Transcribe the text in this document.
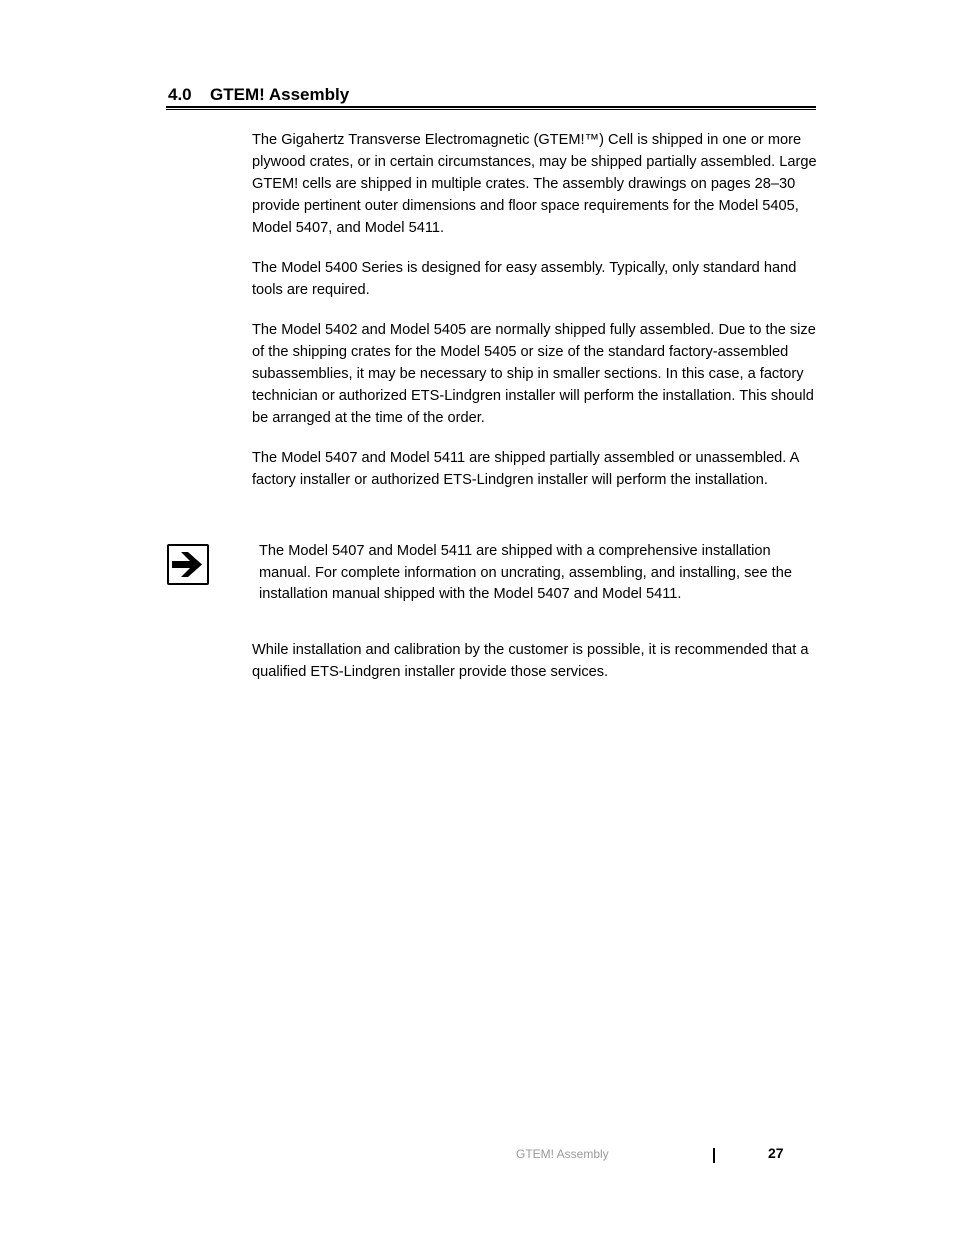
4.0 GTEM! Assembly

The Gigahertz Transverse Electromagnetic (GTEM!™) Cell is shipped in one or more plywood crates, or in certain circumstances, may be shipped partially assembled. Large GTEM! cells are shipped in multiple crates. The assembly drawings on pages 28–30 provide pertinent outer dimensions and floor space requirements for the Model 5405, Model 5407, and Model 5411.

The Model 5400 Series is designed for easy assembly. Typically, only standard hand tools are required.

The Model 5402 and Model 5405 are normally shipped fully assembled. Due to the size of the shipping crates for the Model 5405 or size of the standard factory-assembled subassemblies, it may be necessary to ship in smaller sections. In this case, a factory technician or authorized ETS-Lindgren installer will perform the installation. This should be arranged at the time of the order.

The Model 5407 and Model 5411 are shipped partially assembled or unassembled. A factory installer or authorized ETS-Lindgren installer will perform the installation.

The Model 5407 and Model 5411 are shipped with a comprehensive installation manual. For complete information on uncrating, assembling, and installing, see the installation manual shipped with the Model 5407 and Model 5411.

While installation and calibration by the customer is possible, it is recommended that a qualified ETS-Lindgren installer provide those services.

GTEM! Assembly	27
